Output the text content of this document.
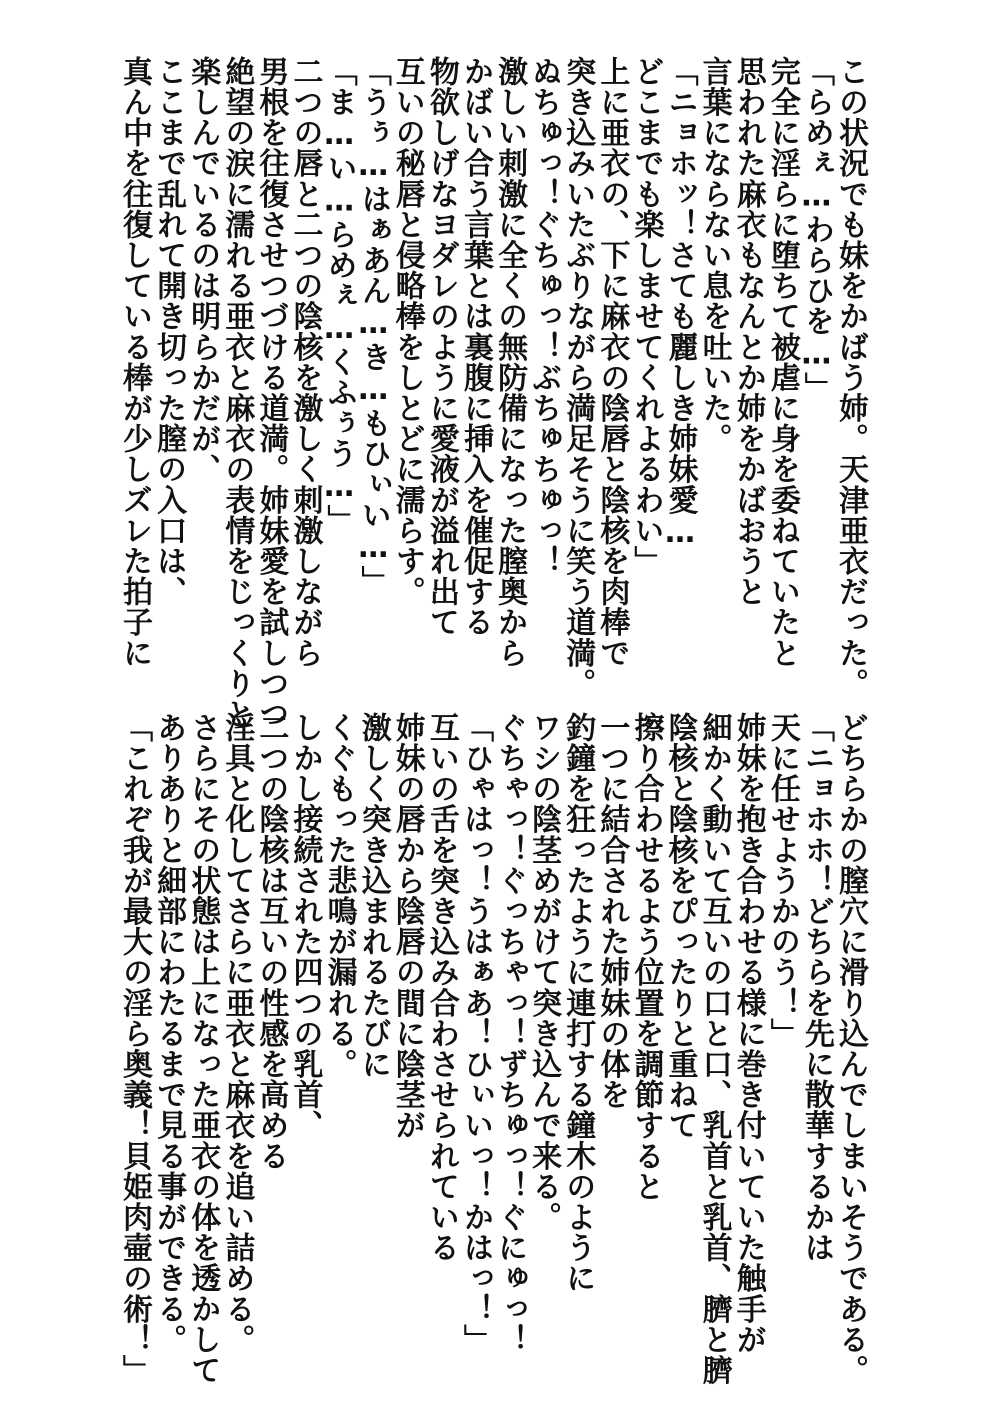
この状況でも妹をかばう姉。天津亜衣だった。
「らめぇ…わらひを…」
完全に淫らに堕ちて被虐に身を委ねていたと
思われた麻衣もなんとか姉をかばおうと
言葉にならない息を吐いた。
「ニョホッ！さても麗しき姉妹愛…
どこまでも楽しませてくれよるわい」
上に亜衣の、下に麻衣の陰唇と陰核を肉棒で
突き込みいたぶりながら満足そうに笑う道満。
ぬちゅっ！ぐちゅっ！ぶちゅちゅっ！
激しい刺激に全くの無防備になった膣奥から
かばい合う言葉とは裏腹に挿入を催促する
物欲しげなヨダレのように愛液が溢れ出て
互いの秘唇と侵略棒をしとどに濡らす。
「うぅ…はぁあん…き…もひぃい…」
「ま…い…らめぇ…くふぅう…」
二つの唇と二つの陰核を激しく刺激しながら
男根を往復させつづける道満。姉妹愛を試しつつ
絶望の涙に濡れる亜衣と麻衣の表情をじっくりと
楽しんでいるのは明らかだが、
ここまで乱れて開き切った膣の入口は、
真ん中を往復している棒が少しズレた拍子に
どちらかの膣穴に滑り込んでしまいそうである。
「ニョホホ！どちらを先に散華するかは
天に任せようかのう！」
姉妹を抱き合わせる様に巻き付いていた触手が
細かく動いて互いの口と口、乳首と乳首、臍と臍
陰核と陰核をぴったりと重ねて
擦り合わせるよう位置を調節すると
一つに結合された姉妹の体を
釣鐘を狂ったように連打する鐘木のように
ワシの陰茎めがけて突き込んで来る。
ぐちゃっ！ぐっちゃっ！ずちゅっ！ぐにゅっ！
「ひゃはっ！うはぁあ！ひぃいっ！かはっ！」
互いの舌を突き込み合わさせられている
姉妹の唇から陰唇の間に陰茎が
激しく突き込まれるたびに
くぐもった悲鳴が漏れる。
しかし接続された四つの乳首、
二つの陰核は互いの性感を高める
淫具と化してさらに亜衣と麻衣を追い詰める。
さらにその状態は上になった亜衣の体を透かして
ありありと細部にわたるまで見る事ができる。
「これぞ我が最大の淫ら奥義！貝姫肉壷の術！」
